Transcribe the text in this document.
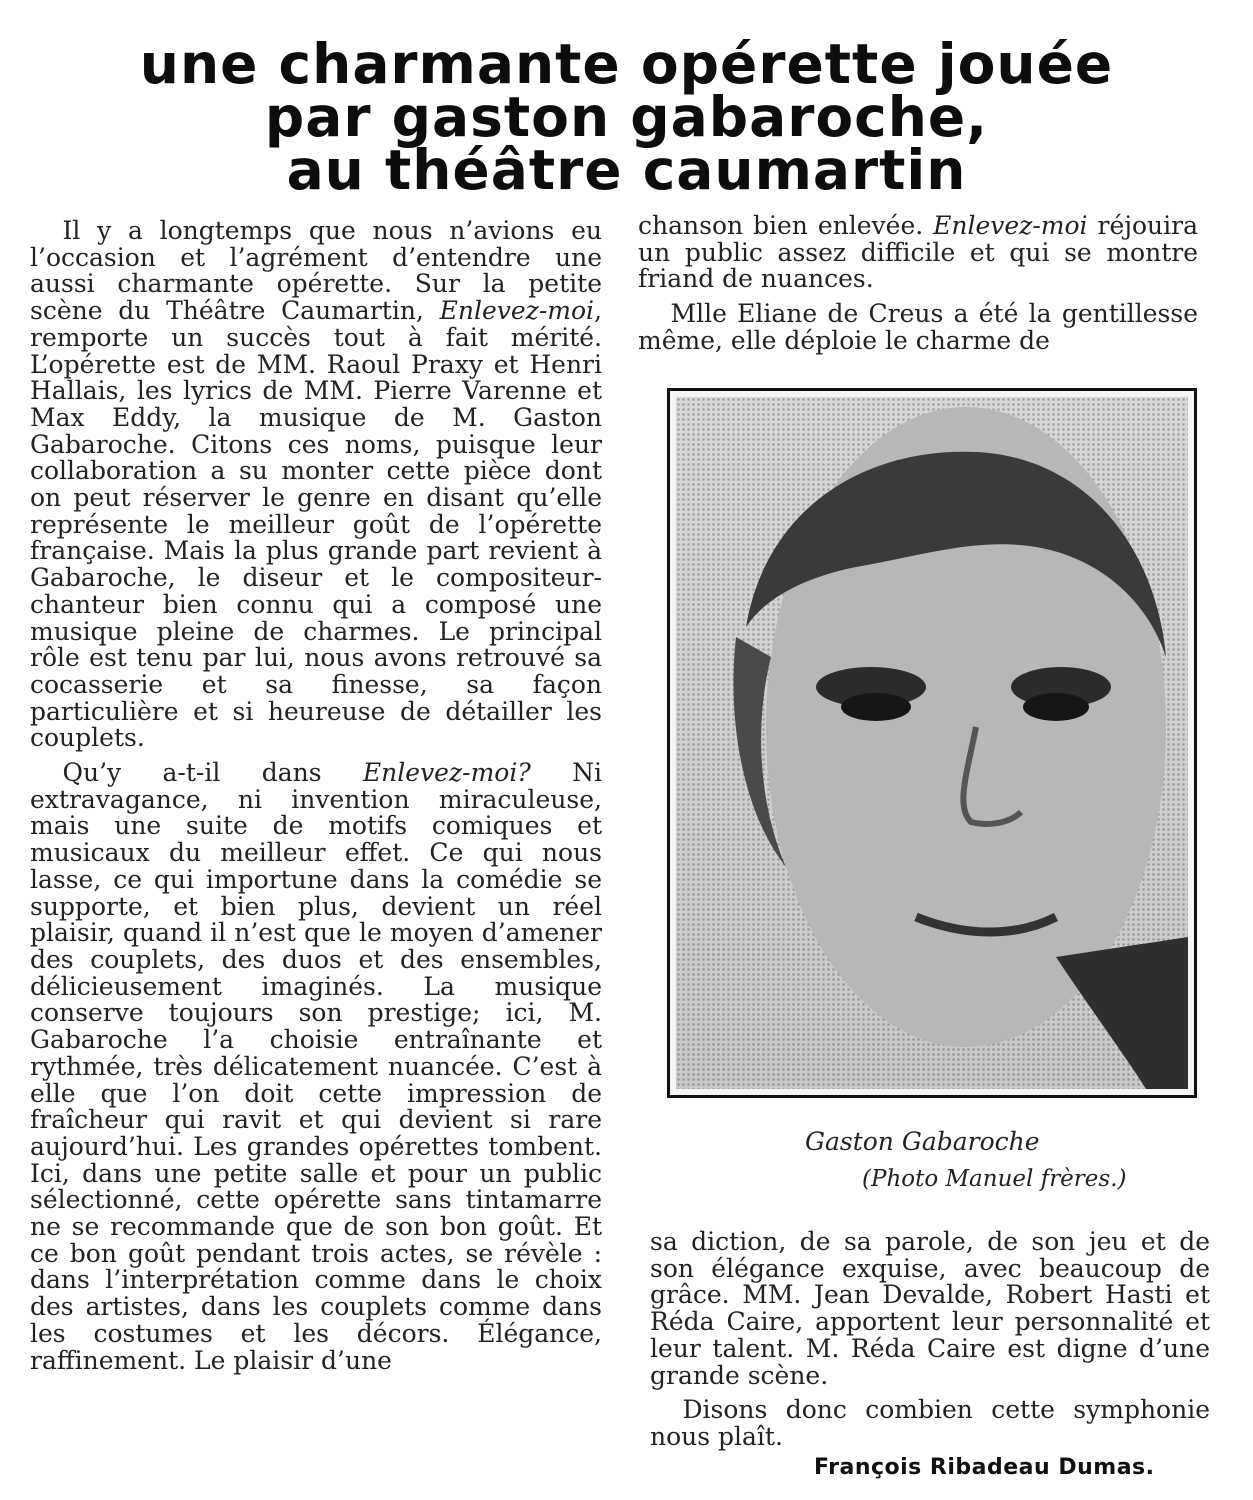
une charmante opérette jouée
par gaston gabaroche,
au théâtre caumartin

Il y a longtemps que nous n’avions eu l’occasion et l’agrément d’entendre une aussi charmante opérette. Sur la petite scène du Théâtre Caumartin, Enlevez-moi, remporte un succès tout à fait mérité. L’opérette est de MM. Raoul Praxy et Henri Hallais, les lyrics de MM. Pierre Varenne et Max Eddy, la musique de M. Gaston Gabaroche. Citons ces noms, puisque leur collaboration a su monter cette pièce dont on peut réserver le genre en disant qu’elle représente le meilleur goût de l’opérette française. Mais la plus grande part revient à Gabaroche, le diseur et le compositeur-chanteur bien connu qui a composé une musique pleine de charmes. Le principal rôle est tenu par lui, nous avons retrouvé sa cocasserie et sa finesse, sa façon particulière et si heureuse de détailler les couplets.

Qu’y a-t-il dans Enlevez-moi? Ni extravagance, ni invention miraculeuse, mais une suite de motifs comiques et musicaux du meilleur effet. Ce qui nous lasse, ce qui importune dans la comédie se supporte, et bien plus, devient un réel plaisir, quand il n’est que le moyen d’amener des couplets, des duos et des ensembles, délicieusement imaginés. La musique conserve toujours son prestige; ici, M. Gabaroche l’a choisie entraînante et rythmée, très délicatement nuancée. C’est à elle que l’on doit cette impression de fraîcheur qui ravit et qui devient si rare aujourd’hui. Les grandes opérettes tombent. Ici, dans une petite salle et pour un public sélectionné, cette opérette sans tintamarre ne se recommande que de son bon goût. Et ce bon goût pendant trois actes, se révèle : dans l’interprétation comme dans le choix des artistes, dans les couplets comme dans les costumes et les décors. Élégance, raffinement. Le plaisir d’une

chanson bien enlevée. Enlevez-moi réjouira un public assez difficile et qui se montre friand de nuances.

Mlle Eliane de Creus a été la gentillesse même, elle déploie le charme de

Gaston Gabaroche
(Photo Manuel frères.)

sa diction, de sa parole, de son jeu et de son élégance exquise, avec beaucoup de grâce. MM. Jean Devalde, Robert Hasti et Réda Caire, apportent leur personnalité et leur talent. M. Réda Caire est digne d’une grande scène.

Disons donc combien cette symphonie nous plaît.

François Ribadeau Dumas.
